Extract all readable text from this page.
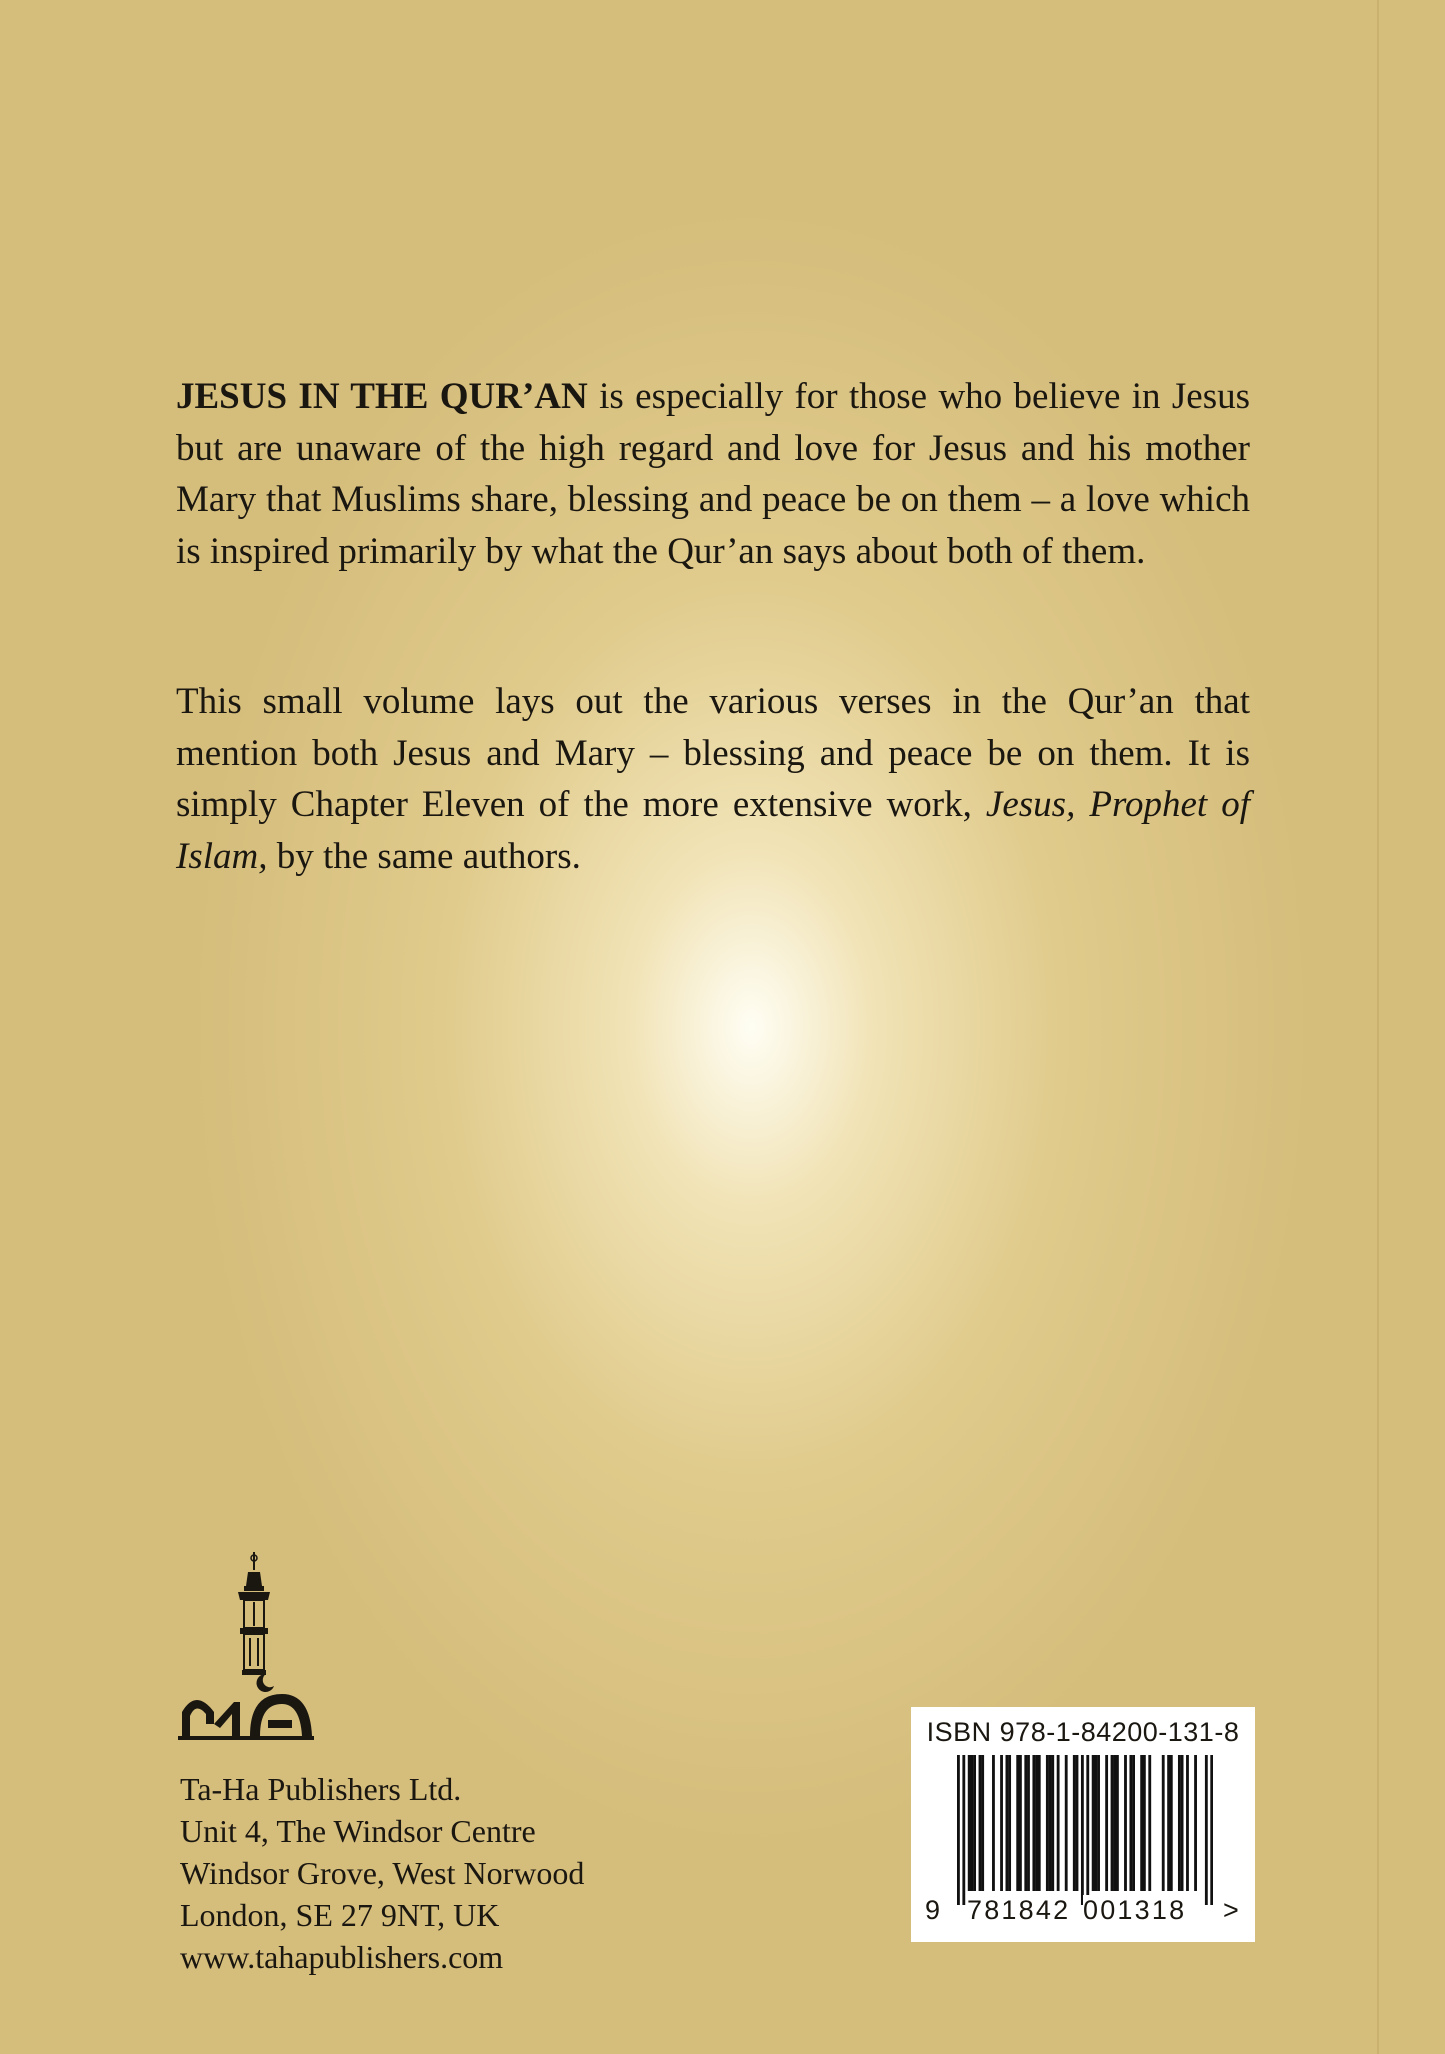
JESUS IN THE QUR’AN is especially for those who believe in Jesus but are unaware of the high regard and love for Jesus and his mother Mary that Muslims share, blessing and peace be on them – a love which is inspired primarily by what the Qur’an says about both of them.

This small volume lays out the various verses in the Qur’an that mention both Jesus and Mary – blessing and peace be on them. It is simply Chapter Eleven of the more extensive work, Jesus, Prophet of Islam, by the same authors.

Ta-Ha Publishers Ltd.
Unit 4, The Windsor Centre
Windsor Grove, West Norwood
London, SE 27 9NT, UK
www.tahapublishers.com
ISBN 978-1-84200-131-8
9 781842 001318 >
